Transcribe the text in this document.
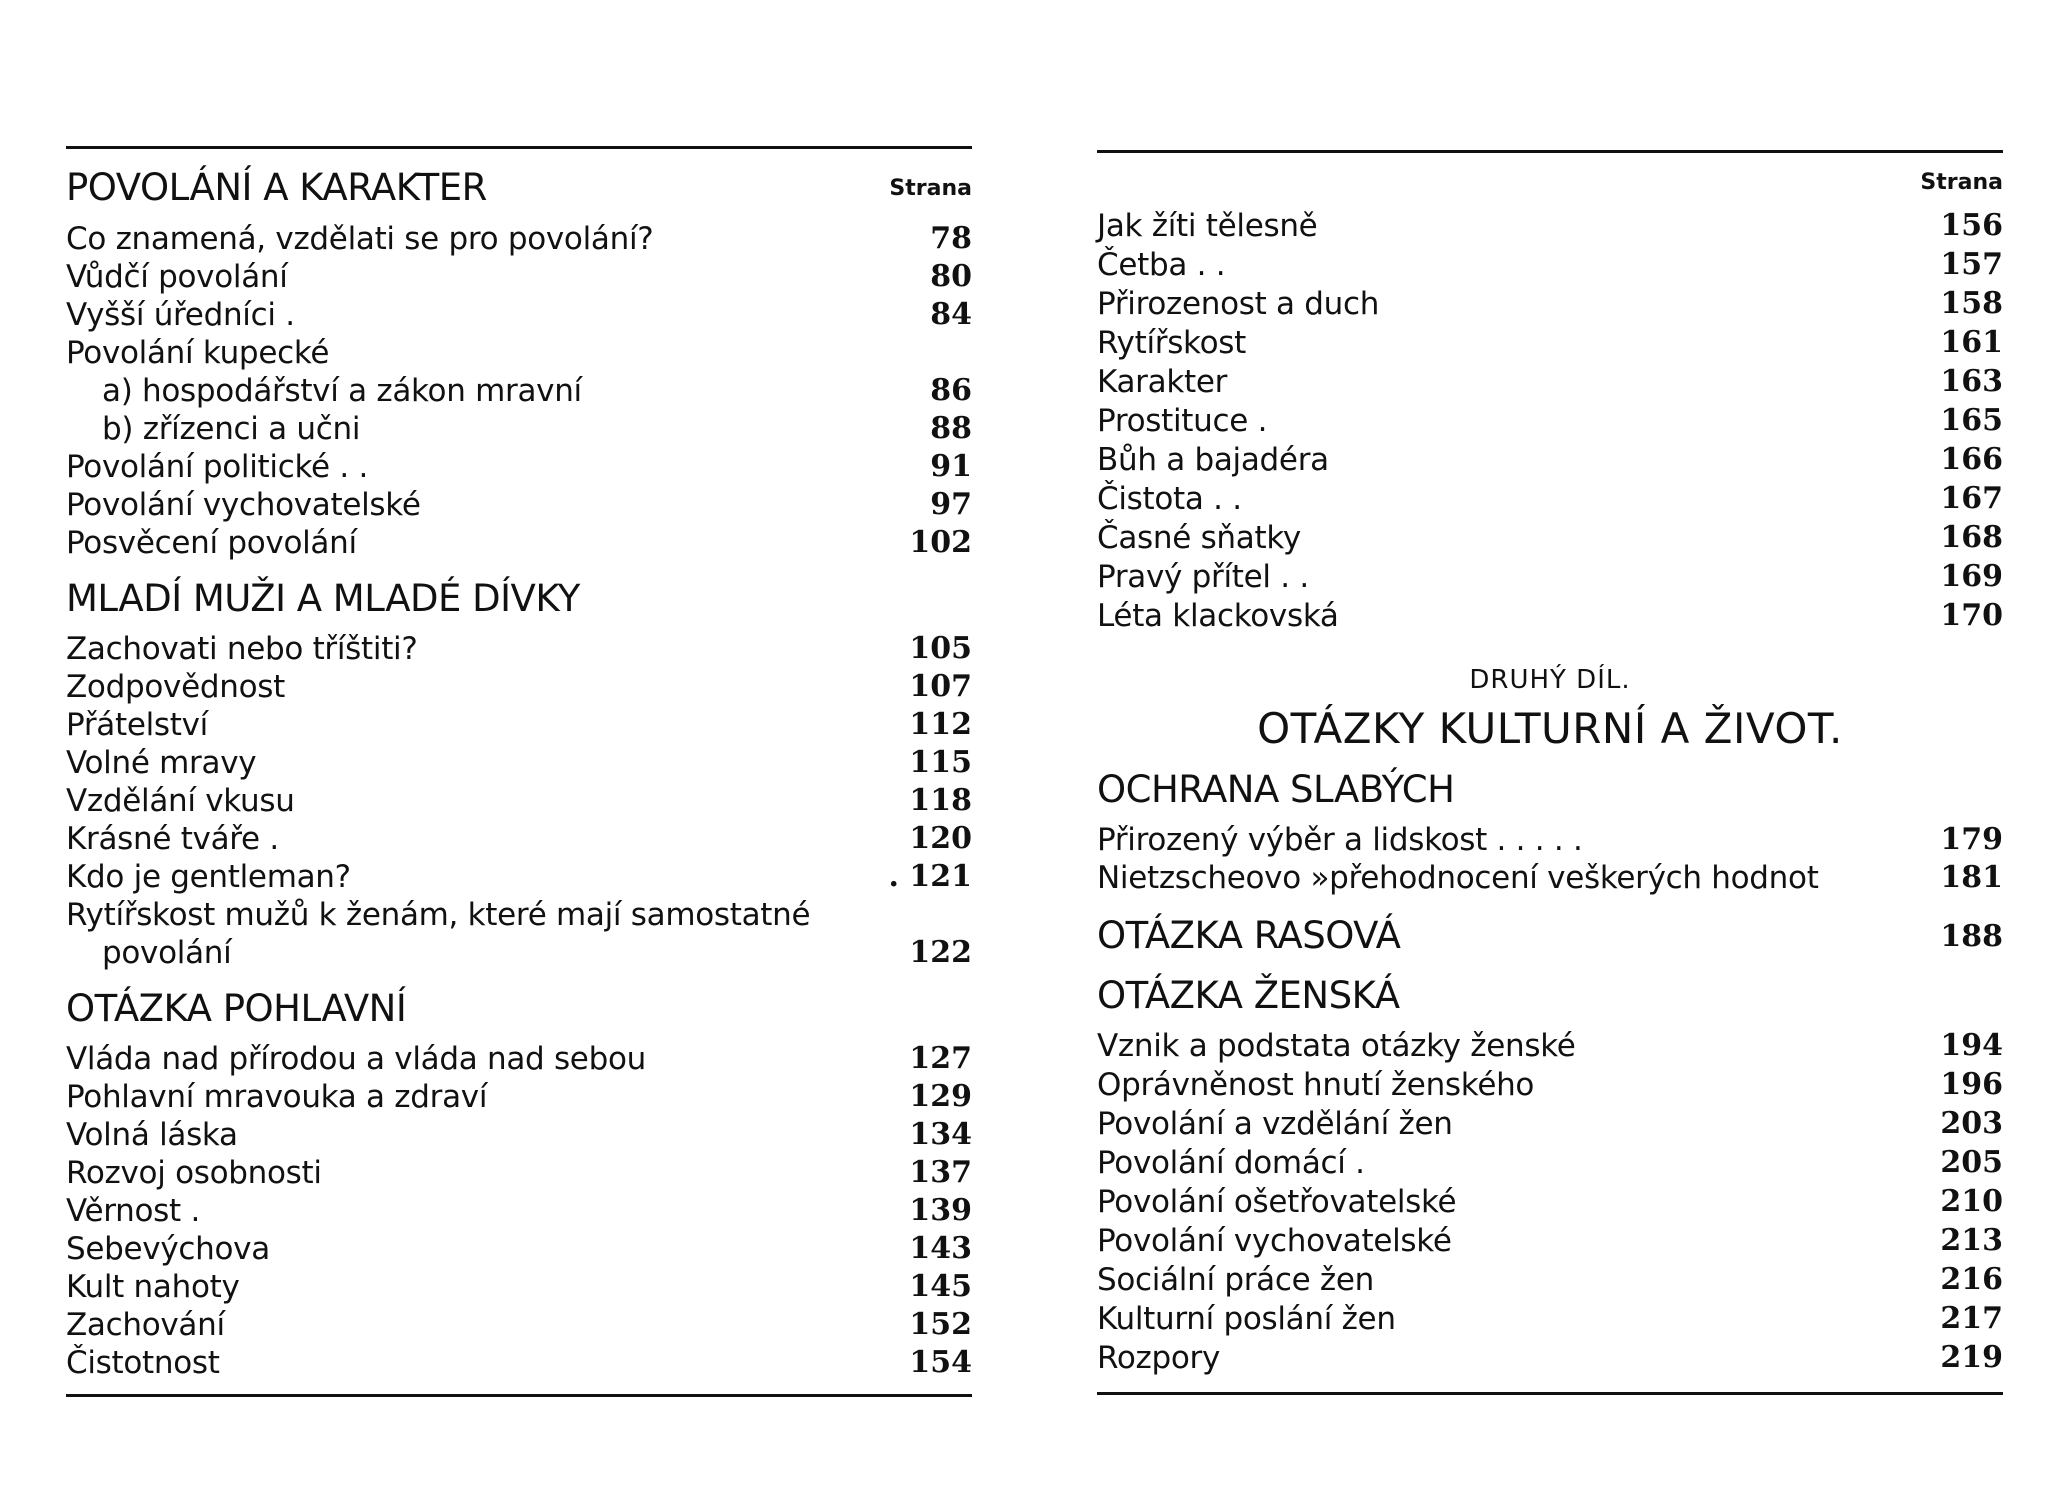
POVOLÁNÍ A KARAKTER	Strana
Co znamená, vzdělati se pro povolání?	78
Vůdčí povolání	80
Vyšší úředníci .	84
Povolání kupecké
a) hospodářství a zákon mravní	86
b) zřízenci a učni	88
Povolání politické . .	91
Povolání vychovatelské	97
Posvěcení povolání	102
MLADÍ MUŽI A MLADÉ DÍVKY
Zachovati nebo tříštiti?	105
Zodpovědnost	107
Přátelství	112
Volné mravy	115
Vzdělání vkusu	118
Krásné tváře .	120
Kdo je gentleman?	. 121
Rytířskost mužů k ženám, které mají samostatné
povolání	122
OTÁZKA POHLAVNÍ
Vláda nad přírodou a vláda nad sebou	127
Pohlavní mravouka a zdraví	129
Volná láska	134
Rozvoj osobnosti	137
Věrnost .	139
Sebevýchova	143
Kult nahoty	145
Zachování	152
Čistotnost	154
Strana
Jak žíti tělesně	156
Četba . .	157
Přirozenost a duch	158
Rytířskost	161
Karakter	163
Prostituce .	165
Bůh a bajadéra	166
Čistota . .	167
Časné sňatky	168
Pravý přítel . .	169
Léta klackovská	170
DRUHÝ DÍL.
OTÁZKY KULTURNÍ A ŽIVOT.
OCHRANA SLABÝCH
Přirozený výběr a lidskost . . . . .	179
Nietzscheovo »přehodnocení veškerých hodnot	181
OTÁZKA RASOVÁ	188
OTÁZKA ŽENSKÁ
Vznik a podstata otázky ženské	194
Oprávněnost hnutí ženského	196
Povolání a vzdělání žen	203
Povolání domácí .	205
Povolání ošetřovatelské	210
Povolání vychovatelské	213
Sociální práce žen	216
Kulturní poslání žen	217
Rozpory	219
